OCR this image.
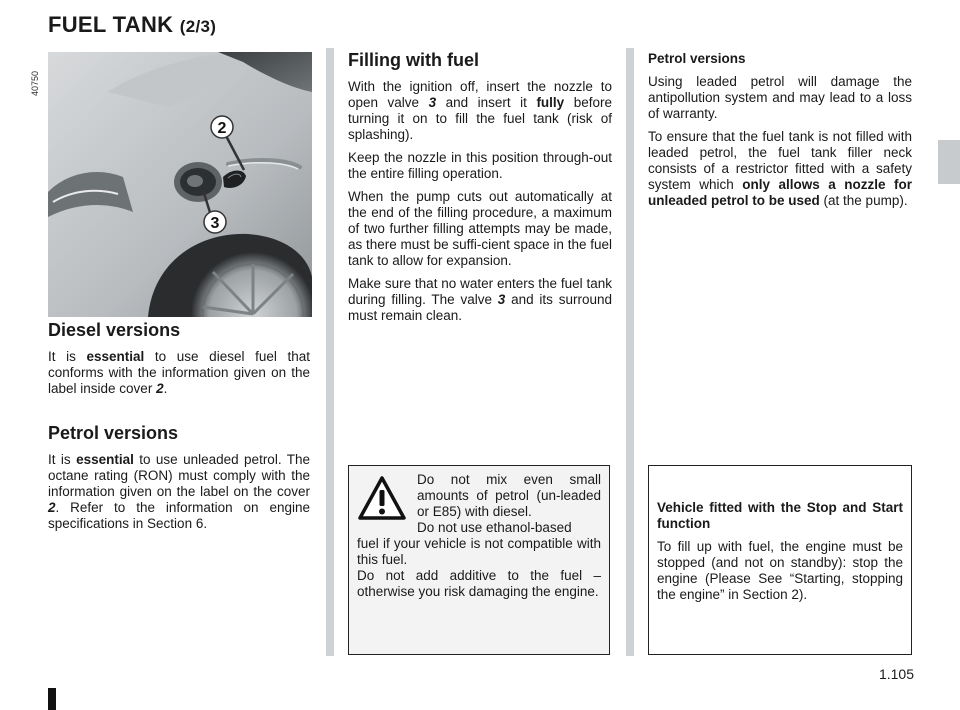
FUEL TANK (2/3)
40750
2
3
Diesel versions

It is essential to use diesel fuel that conforms with the information given on the label inside cover 2.

Petrol versions

It is essential to use unleaded petrol. The octane rating (RON) must comply with the information given on the label on the cover 2. Refer to the information on engine specifications in Section 6.

Filling with fuel

With the ignition off, insert the nozzle to open valve 3 and insert it fully before turning it on to fill the fuel tank (risk of splashing).

Keep the nozzle in this position through-out the entire filling operation.

When the pump cuts out automatically at the end of the filling procedure, a maximum of two further filling attempts may be made, as there must be suffi-cient space in the fuel tank to allow for expansion.

Make sure that no water enters the fuel tank during filling. The valve 3 and its surround must remain clean.

Petrol versions

Using leaded petrol will damage the antipollution system and may lead to a loss of warranty.

To ensure that the fuel tank is not filled with leaded petrol, the fuel tank filler neck consists of a restrictor fitted with a safety system which only allows a nozzle for unleaded petrol to be used (at the pump).

Do not mix even small amounts of petrol (un-leaded or E85) with diesel.

Do not use ethanol-based

fuel if your vehicle is not compatible with this fuel.

Do not add additive to the fuel – otherwise you risk damaging the engine.

Vehicle fitted with the Stop and Start function

To fill up with fuel, the engine must be stopped (and not on standby): stop the engine (Please See “Starting, stopping the engine” in Section 2).

1.105
